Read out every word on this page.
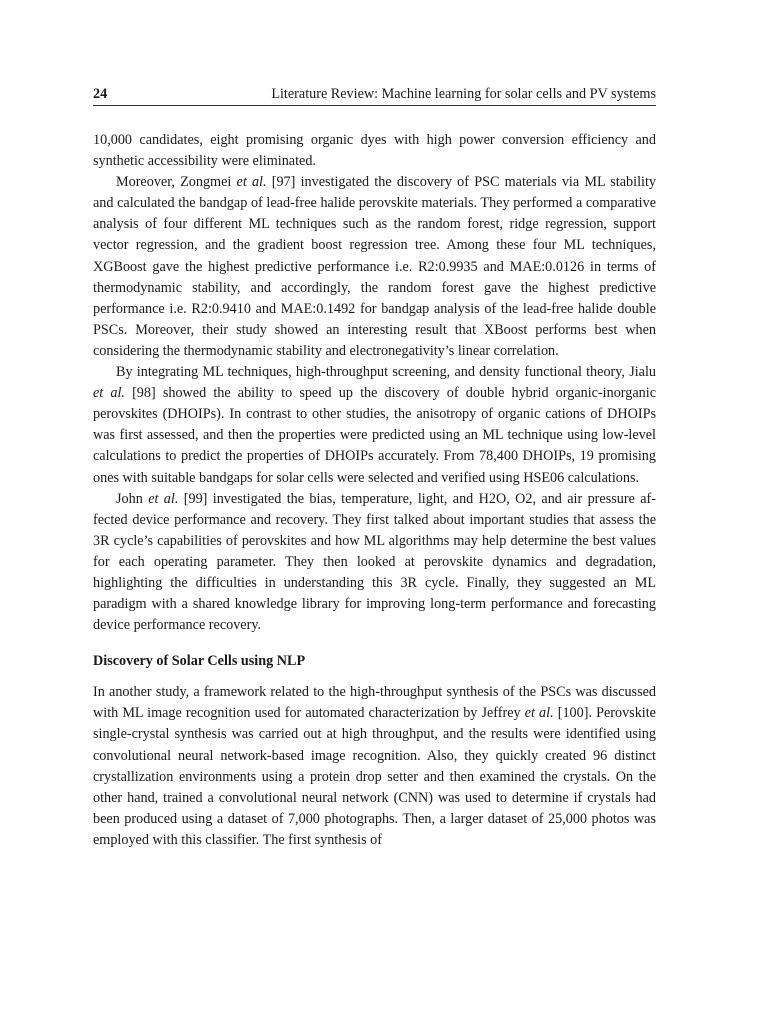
24	Literature Review: Machine learning for solar cells and PV systems

10,000 candidates, eight promising organic dyes with high power conversion efficiency and synthetic accessibility were eliminated.

Moreover, Zongmei et al. [97] investigated the discovery of PSC materials via ML stability and calculated the bandgap of lead-free halide perovskite materials. They performed a comparative analysis of four different ML techniques such as the random forest, ridge regression, support vector regression, and the gradient boost regression tree. Among these four ML techniques, XGBoost gave the highest predictive performance i.e. R2:0.9935 and MAE:0.0126 in terms of thermodynamic stability, and accordingly, the random forest gave the highest predictive performance i.e. R2:0.9410 and MAE:0.1492 for bandgap analysis of the lead-free halide double PSCs. Moreover, their study showed an interesting result that XBoost performs best when considering the thermodynamic stability and electronegativity’s linear correlation.

By integrating ML techniques, high-throughput screening, and density functional theory, Jialu et al. [98] showed the ability to speed up the discovery of double hybrid organic-inorganic perovskites (DHOIPs). In contrast to other studies, the anisotropy of organic cations of DHOIPs was first assessed, and then the properties were predicted using an ML technique using low-level calculations to predict the properties of DHOIPs accurately. From 78,400 DHOIPs, 19 promising ones with suitable bandgaps for solar cells were selected and verified using HSE06 calculations.

John et al. [99] investigated the bias, temperature, light, and H2O, O2, and air pressure affected device performance and recovery. They first talked about important studies that assess the 3R cycle’s capabilities of perovskites and how ML algorithms may help determine the best values for each operating parameter. They then looked at perovskite dynamics and degradation, highlighting the difficulties in understanding this 3R cycle. Finally, they suggested an ML paradigm with a shared knowledge library for improving long-term performance and forecasting device performance recovery.

Discovery of Solar Cells using NLP

In another study, a framework related to the high-throughput synthesis of the PSCs was discussed with ML image recognition used for automated characterization by Jeffrey et al. [100]. Perovskite single-crystal synthesis was carried out at high throughput, and the results were identified using convolutional neural network-based image recognition. Also, they quickly created 96 distinct crystallization environments using a protein drop setter and then examined the crystals. On the other hand, trained a convolutional neural network (CNN) was used to determine if crystals had been produced using a dataset of 7,000 photographs. Then, a larger dataset of 25,000 photos was employed with this classifier. The first synthesis of
